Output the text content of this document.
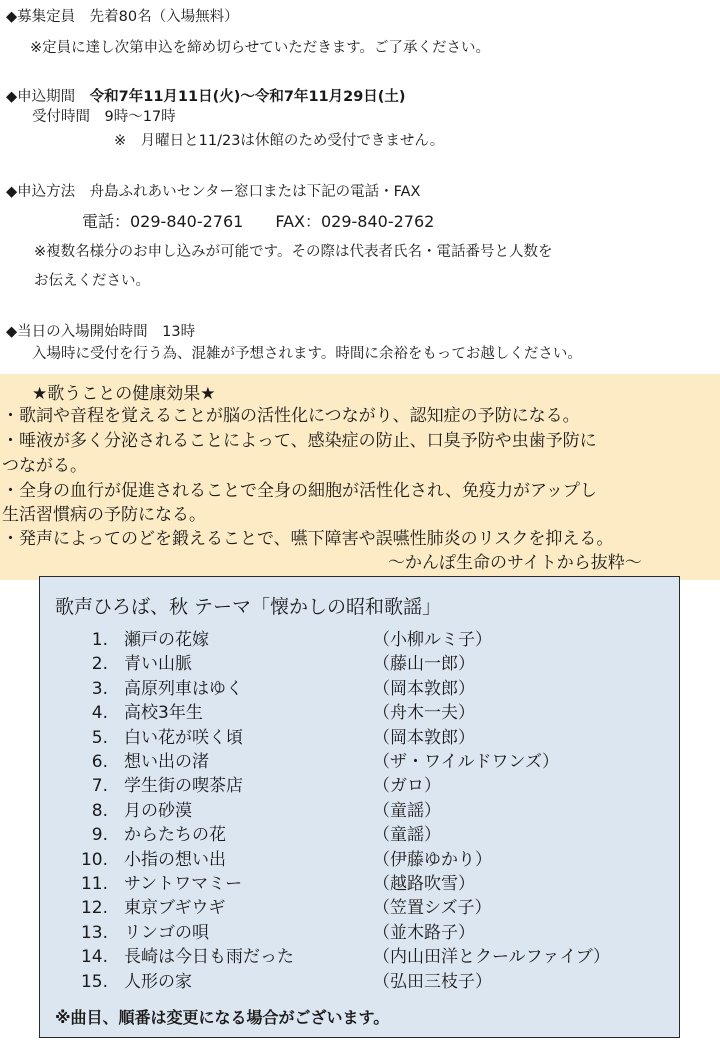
◆募集定員　先着80名（入場無料）
※定員に達し次第申込を締め切らせていただきます。ご了承ください。
◆申込期間　令和7年11月11日(火)～令和7年11月29日(土)
受付時間　9時～17時
※　月曜日と11/23は休館のため受付できません。
◆申込方法　舟島ふれあいセンター窓口または下記の電話・FAX
電話：029-840-2761　　FAX：029-840-2762
※複数名様分のお申し込みが可能です。その際は代表者氏名・電話番号と人数を
お伝えください。
◆当日の入場開始時間　13時
入場時に受付を行う為、混雑が予想されます。時間に余裕をもってお越しください。
★歌うことの健康効果★
・歌詞や音程を覚えることが脳の活性化につながり、認知症の予防になる。
・唾液が多く分泌されることによって、感染症の防止、口臭予防や虫歯予防に
つながる。
・全身の血行が促進されることで全身の細胞が活性化され、免疫力がアップし
生活習慣病の予防になる。
・発声によってのどを鍛えることで、嚥下障害や誤嚥性肺炎のリスクを抑える。
～かんぽ生命のサイトから抜粋～
歌声ひろば、秋 テーマ「懐かしの昭和歌謡」
1. 瀬戸の花嫁	（小柳ルミ子）
2. 青い山脈	（藤山一郎）
3. 高原列車はゆく	（岡本敦郎）
4. 高校3年生	（舟木一夫）
5. 白い花が咲く頃	（岡本敦郎）
6. 想い出の渚	（ザ・ワイルドワンズ）
7. 学生街の喫茶店	（ガロ）
8. 月の砂漠	（童謡）
9. からたちの花	（童謡）
10. 小指の想い出	（伊藤ゆかり）
11. サントワマミー	（越路吹雪）
12. 東京ブギウギ	（笠置シズ子）
13. リンゴの唄	（並木路子）
14. 長崎は今日も雨だった	（内山田洋とクールファイブ）
15. 人形の家	（弘田三枝子）
※曲目、順番は変更になる場合がございます。
